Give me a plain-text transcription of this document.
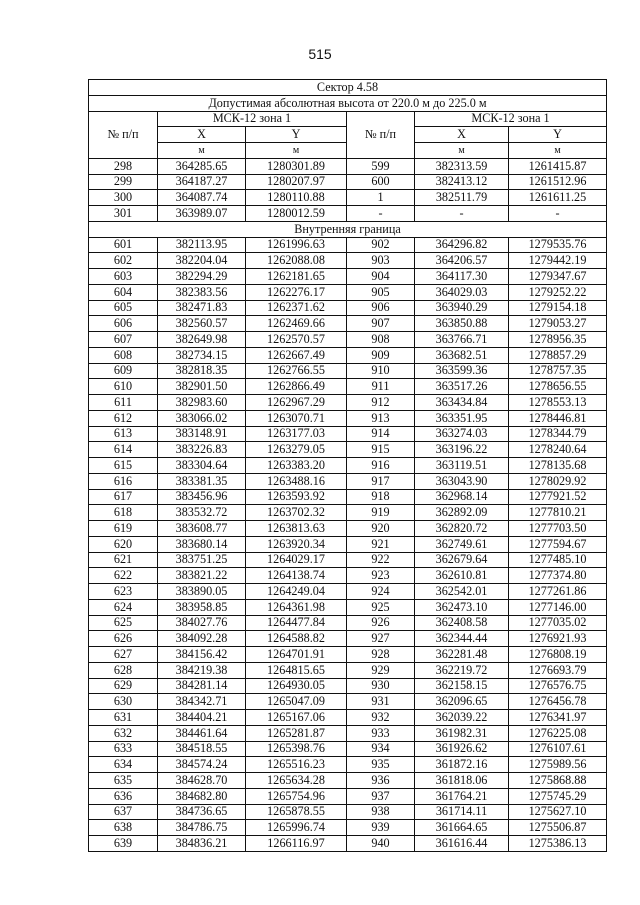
515
Сектор 4.58					
Допустимая абсолютная высота от 220.0 м до 225.0 м					
№ п/п	МСК-12 зона 1		№ п/п	МСК-12 зона 1	
	X	Y		X	Y
	м	м		м	м
298	364285.65	1280301.89	599	382313.59	1261415.87
299	364187.27	1280207.97	600	382413.12	1261512.96
300	364087.74	1280110.88	1	382511.79	1261611.25
301	363989.07	1280012.59	-	-	-
Внутренняя граница					
601	382113.95	1261996.63	902	364296.82	1279535.76
602	382204.04	1262088.08	903	364206.57	1279442.19
603	382294.29	1262181.65	904	364117.30	1279347.67
604	382383.56	1262276.17	905	364029.03	1279252.22
605	382471.83	1262371.62	906	363940.29	1279154.18
606	382560.57	1262469.66	907	363850.88	1279053.27
607	382649.98	1262570.57	908	363766.71	1278956.35
608	382734.15	1262667.49	909	363682.51	1278857.29
609	382818.35	1262766.55	910	363599.36	1278757.35
610	382901.50	1262866.49	911	363517.26	1278656.55
611	382983.60	1262967.29	912	363434.84	1278553.13
612	383066.02	1263070.71	913	363351.95	1278446.81
613	383148.91	1263177.03	914	363274.03	1278344.79
614	383226.83	1263279.05	915	363196.22	1278240.64
615	383304.64	1263383.20	916	363119.51	1278135.68
616	383381.35	1263488.16	917	363043.90	1278029.92
617	383456.96	1263593.92	918	362968.14	1277921.52
618	383532.72	1263702.32	919	362892.09	1277810.21
619	383608.77	1263813.63	920	362820.72	1277703.50
620	383680.14	1263920.34	921	362749.61	1277594.67
621	383751.25	1264029.17	922	362679.64	1277485.10
622	383821.22	1264138.74	923	362610.81	1277374.80
623	383890.05	1264249.04	924	362542.01	1277261.86
624	383958.85	1264361.98	925	362473.10	1277146.00
625	384027.76	1264477.84	926	362408.58	1277035.02
626	384092.28	1264588.82	927	362344.44	1276921.93
627	384156.42	1264701.91	928	362281.48	1276808.19
628	384219.38	1264815.65	929	362219.72	1276693.79
629	384281.14	1264930.05	930	362158.15	1276576.75
630	384342.71	1265047.09	931	362096.65	1276456.78
631	384404.21	1265167.06	932	362039.22	1276341.97
632	384461.64	1265281.87	933	361982.31	1276225.08
633	384518.55	1265398.76	934	361926.62	1276107.61
634	384574.24	1265516.23	935	361872.16	1275989.56
635	384628.70	1265634.28	936	361818.06	1275868.88
636	384682.80	1265754.96	937	361764.21	1275745.29
637	384736.65	1265878.55	938	361714.11	1275627.10
638	384786.75	1265996.74	939	361664.65	1275506.87
639	384836.21	1266116.97	940	361616.44	1275386.13
